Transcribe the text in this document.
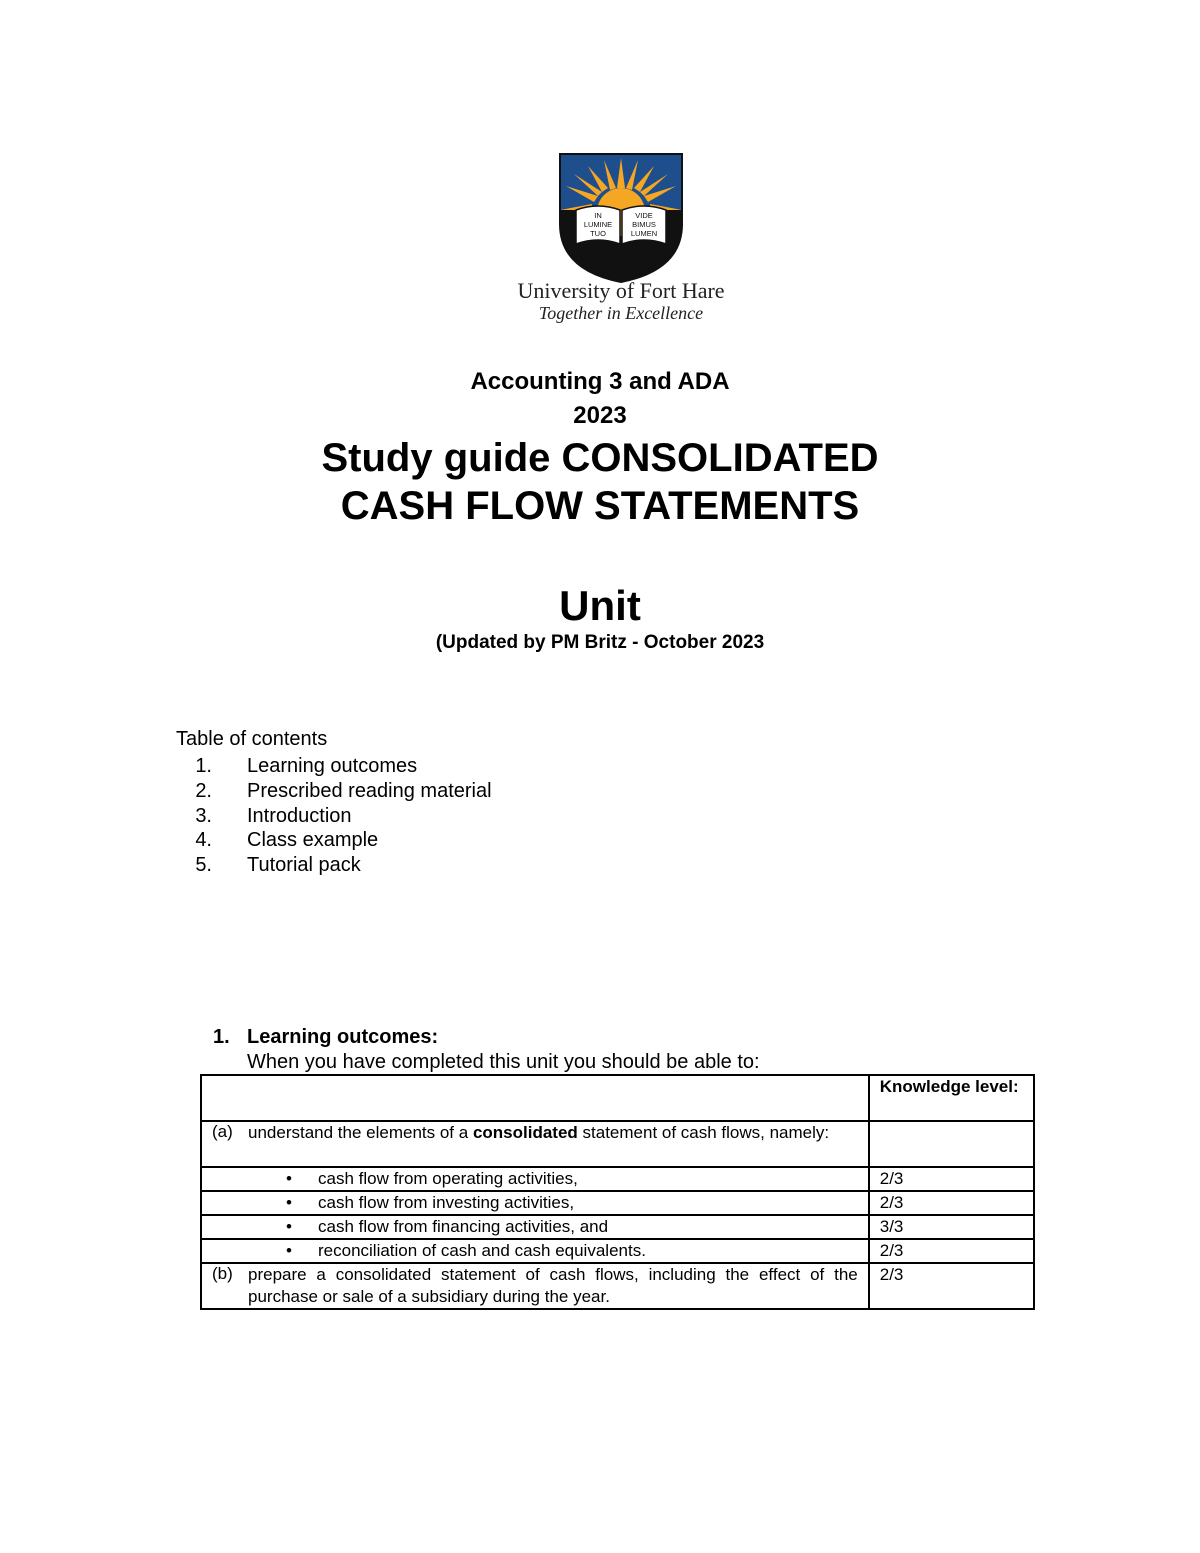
IN
LUMINE
TUO
VIDE
BIMUS
LUMEN
University of Fort Hare
Together in Excellence
Accounting 3 and ADA
2023
Study guide CONSOLIDATED
CASH FLOW STATEMENTS
Unit
(Updated by PM Britz - October 2023
Table of contents
1. Learning outcomes
2. Prescribed reading material
3. Introduction
4. Class example
5. Tutorial pack
1. Learning outcomes:
When you have completed this unit you should be able to:
	Knowledge level:

(a) understand the elements of a consolidated statement of cash flows, namely:	

• cash flow from operating activities,	2/3

• cash flow from investing activities,	2/3

• cash flow from financing activities, and	3/3

• reconciliation of cash and cash equivalents.	2/3

(b) prepare a consolidated statement of cash flows, including the effect of the purchase or sale of a subsidiary during the year.	2/3
